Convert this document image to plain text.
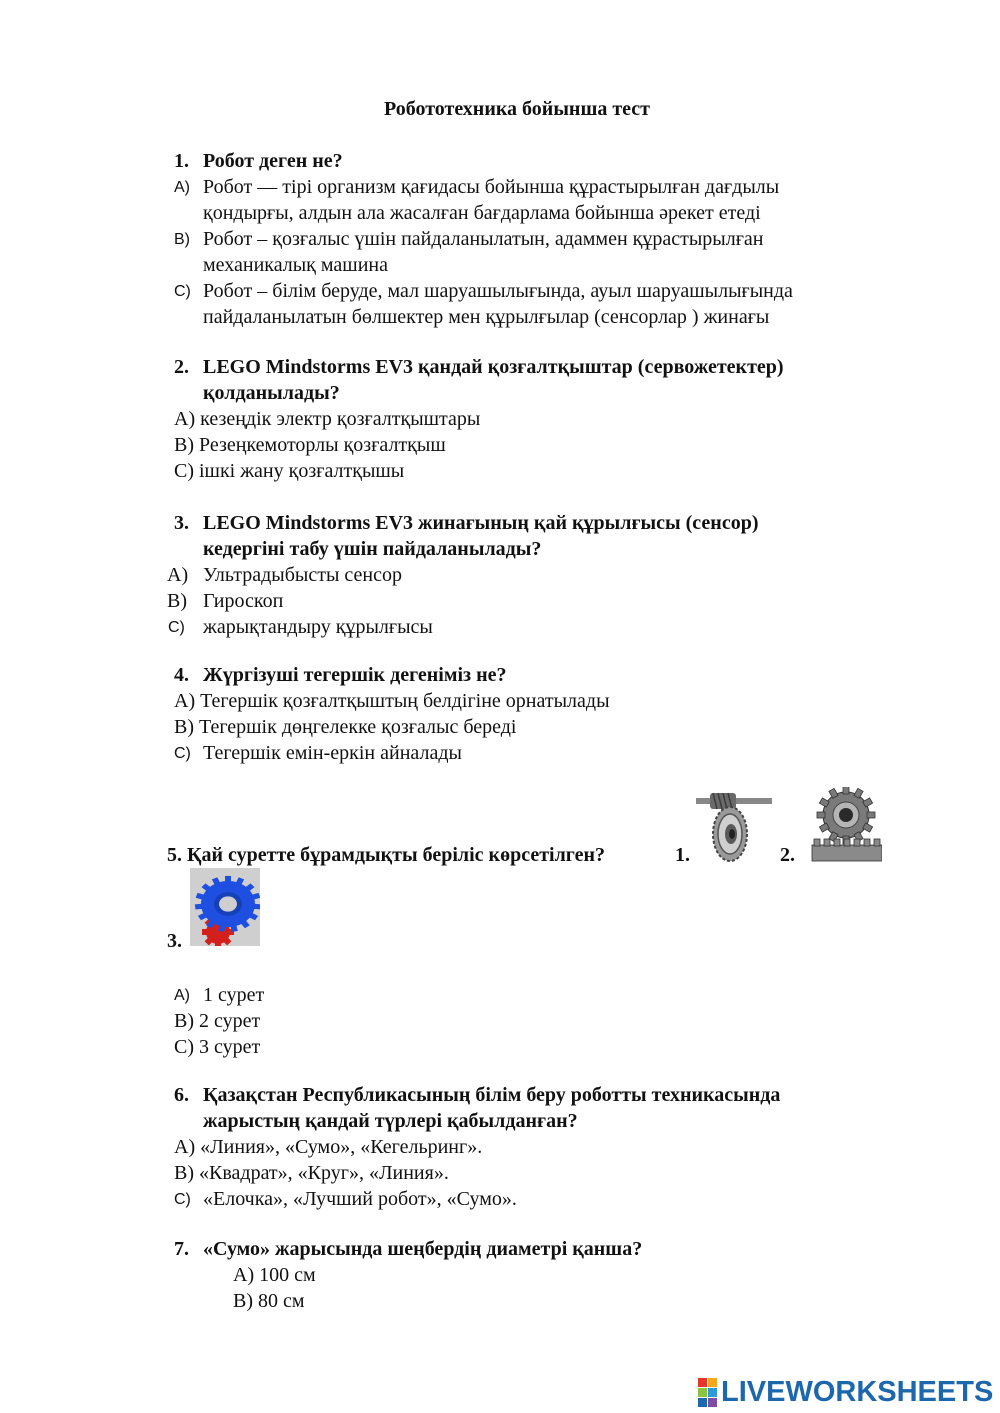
Робототехника бойынша тест
1. Робот деген не?
A) Робот — тірі организм қағидасы бойынша құрастырылған дағдылы
қондырғы, алдын ала жасалған бағдарлама бойынша әрекет етеді
B) Робот – қозғалыс үшін пайдаланылатын, адаммен құрастырылған
механикалық машина
C) Робот – білім беруде, мал шаруашылығында, ауыл шаруашылығында
пайдаланылатын бөлшектер мен құрылғылар (сенсорлар ) жинағы
2. LEGO Mindstorms EV3 қандай қозғалтқыштар (сервожетектер)
қолданылады?
A) кезеңдік электр қозғалтқыштары
B) Резеңкемоторлы қозғалтқыш
C) ішкі жану қозғалтқышы
3. LEGO Mindstorms EV3 жинағының қай құрылғысы (сенсор)
кедергіні табу үшін пайдаланылады?
A) Ультрадыбысты сенсор
B) Гироскоп
C) жарықтандыру құрылғысы
4. Жүргізуші тегершік дегеніміз не?
A) Тегершік қозғалтқыштың белдігіне орнатылады
B) Тегершік дөңгелекке қозғалыс береді
C) Тегершік емін-еркін айналады
5. Қай суретте бұрамдықты беріліс көрсетілген?	1.	2.
3.
A) 1 сурет
B) 2 сурет
C) 3 сурет
6. Қазақстан Республикасының білім беру роботты техникасында
жарыстың қандай түрлері қабылданған?
A) «Линия», «Сумо», «Кегельринг».
B) «Квадрат», «Круг», «Линия».
C) «Елочка», «Лучший робот», «Сумо».
7. «Сумо» жарысында шеңбердің диаметрі қанша?
A) 100 см
B) 80 см
LIVEWORKSHEETS
